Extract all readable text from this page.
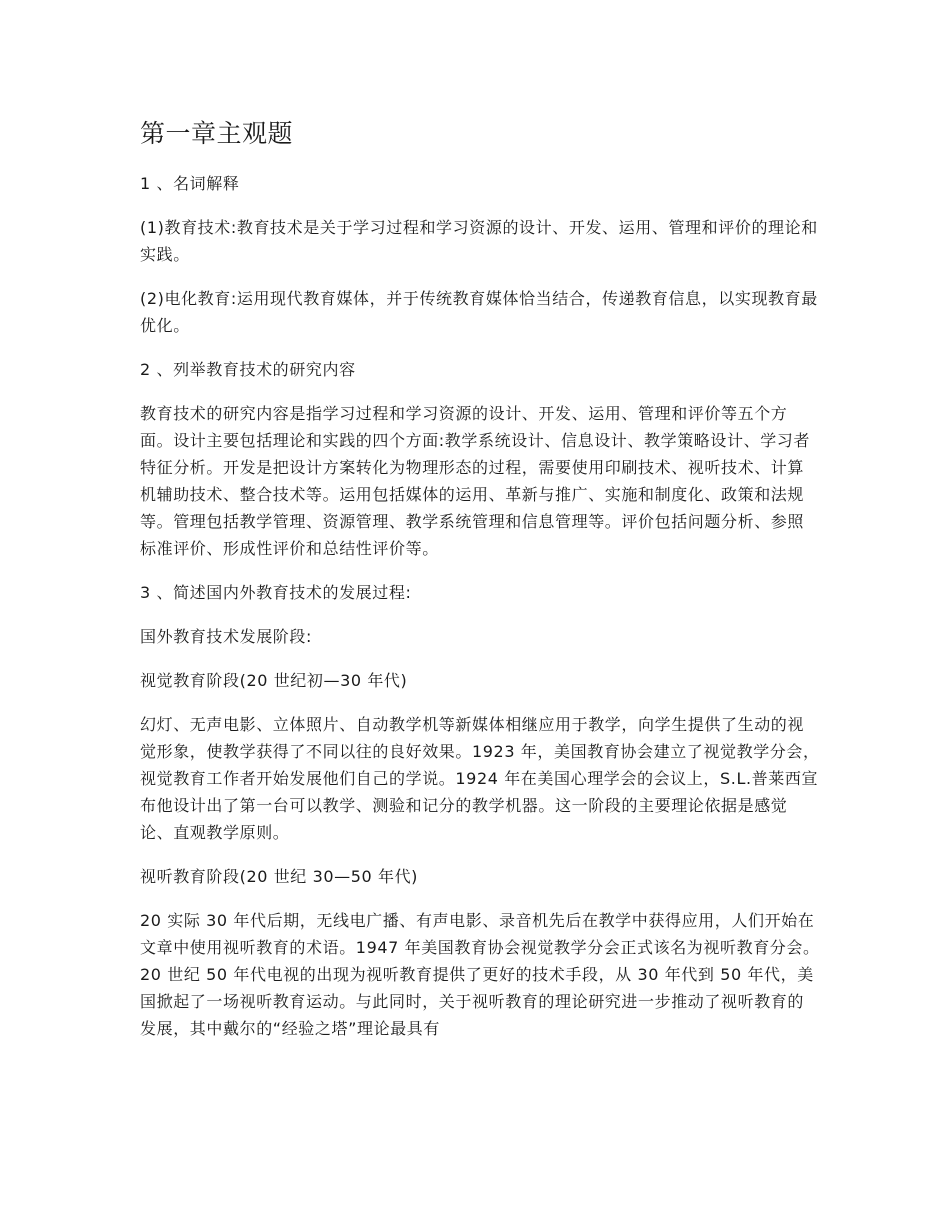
第一章主观题
1 、名词解释
(1)教育技术:教育技术是关于学习过程和学习资源的设计、开发、运用、管理和评价的理论和实践。
(2)电化教育:运用现代教育媒体，并于传统教育媒体恰当结合，传递教育信息，以实现教育最优化。
2 、列举教育技术的研究内容
教育技术的研究内容是指学习过程和学习资源的设计、开发、运用、管理和评价等五个方面。设计主要包括理论和实践的四个方面:教学系统设计、信息设计、教学策略设计、学习者特征分析。开发是把设计方案转化为物理形态的过程，需要使用印刷技术、视听技术、计算机辅助技术、整合技术等。运用包括媒体的运用、革新与推广、实施和制度化、政策和法规等。管理包括教学管理、资源管理、教学系统管理和信息管理等。评价包括问题分析、参照标准评价、形成性评价和总结性评价等。
3 、简述国内外教育技术的发展过程:
国外教育技术发展阶段:
视觉教育阶段(20 世纪初—30 年代)
幻灯、无声电影、立体照片、自动教学机等新媒体相继应用于教学，向学生提供了生动的视觉形象，使教学获得了不同以往的良好效果。1923 年，美国教育协会建立了视觉教学分会，视觉教育工作者开始发展他们自己的学说。1924 年在美国心理学会的会议上，S.L.普莱西宣布他设计出了第一台可以教学、测验和记分的教学机器。这一阶段的主要理论依据是感觉论、直观教学原则。
视听教育阶段(20 世纪 30—50 年代)
20 实际 30 年代后期，无线电广播、有声电影、录音机先后在教学中获得应用，人们开始在文章中使用视听教育的术语。1947 年美国教育协会视觉教学分会正式该名为视听教育分会。20 世纪 50 年代电视的出现为视听教育提供了更好的技术手段，从 30 年代到 50 年代，美国掀起了一场视听教育运动。与此同时，关于视听教育的理论研究进一步推动了视听教育的发展，其中戴尔的“经验之塔”理论最具有
